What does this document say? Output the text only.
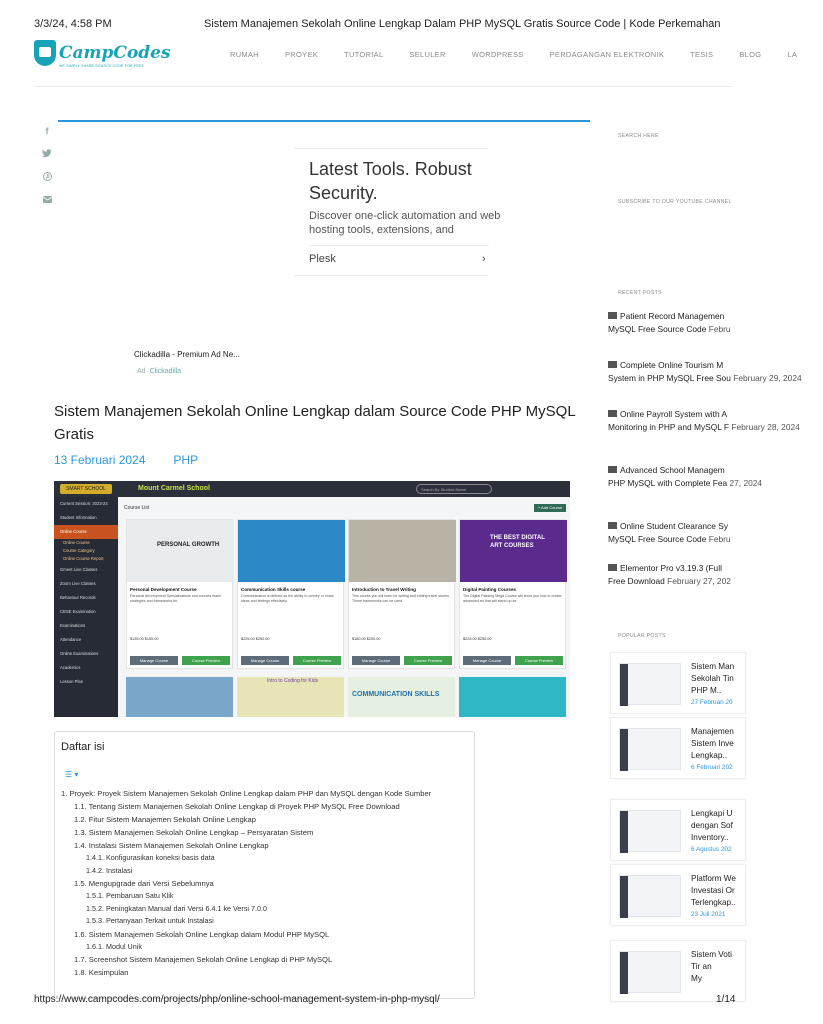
3/3/24, 4:58 PM	Sistem Manajemen Sekolah Online Lengkap Dalam PHP MySQL Gratis Source Code | Kode Perkemahan
CampCodes
WE SIMPLY SHARE SOURCE CODE FOR FREE
RUMAH	PROYEK	TUTORIAL	SELULER	WORDPRESS	PERDAGANGAN ELEKTRONIK	TESIS	BLOG	LA
f
Latest Tools. Robust Security.

Discover one-click automation and web hosting tools, extensions, and

Plesk	›
Clickadilla - Premium Ad Ne...
Ad Clickadilla
Sistem Manajemen Sekolah Online Lengkap dalam Source Code PHP MySQL Gratis
13 Februari 2024 PHP
SMART SCHOOL	Mount Carmel School	Search By Student Name
Current Session: 2023-24
Student Information
Online Course
Online Course
Course Category
Online Course Report
Gmeet Live Classes
Zoom Live Classes
Behaviour Records
CBSE Examination
Examinations
Attendance
Online Examinations
Academics
Lesson Plan
Course List	+ Add Course
PERSONAL GROWTH
Personal Development Course
Personal development Specializations and courses teach strategies and frameworks for
$135.00 $150.00
Manage Course	Course Preview
Communication Skills course
Communication is defined as the ability to convey or share ideas and feelings effectively.
$225.00 $250.00
Manage Course	Course Preview
Introduction to Travel Writing
This course you will learn for writing and editing travel stories. These frameworks can be used
$180.00 $200.00
Manage Course	Course Preview
THE BEST DIGITAL ART COURSES
Digital Painting Courses
The Digital Painting Mega Course will show you how to create advanced art that will stand up as
$225.00 $250.00
Manage Course	Course Preview
Intro to Coding for Kids
COMMUNICATION SKILLS
Daftar isi
☰ ▾
1. Proyek: Proyek Sistem Manajemen Sekolah Online Lengkap dalam PHP dan MySQL dengan Kode Sumber
1.1. Tentang Sistem Manajemen Sekolah Online Lengkap di Proyek PHP MySQL Free Download
1.2. Fitur Sistem Manajemen Sekolah Online Lengkap
1.3. Sistem Manajemen Sekolah Online Lengkap – Persyaratan Sistem
1.4. Instalasi Sistem Manajemen Sekolah Online Lengkap
1.4.1. Konfigurasikan koneksi basis data
1.4.2. Instalasi
1.5. Mengupgrade dari Versi Sebelumnya
1.5.1. Pembaruan Satu Klik
1.5.2. Peningkatan Manual dari Versi 6.4.1 ke Versi 7.0.0
1.5.3. Pertanyaan Terkait untuk Instalasi
1.6. Sistem Manajemen Sekolah Online Lengkap dalam Modul PHP MySQL
1.6.1. Modul Unik
1.7. Screenshot Sistem Manajemen Sekolah Online Lengkap di PHP MySQL
1.8. Kesimpulan
SEARCH HERE
SUBSCRIBE TO OUR YOUTUBE CHANNEL
RECENT POSTS
Patient Record Managemen
MySQL Free Source Code Febru
Complete Online Tourism M
System in PHP MySQL Free Sou February 29, 2024
Online Payroll System with A
Monitoring in PHP and MySQL F February 28, 2024
Advanced School Managem
PHP MySQL with Complete Fea 27, 2024
Online Student Clearance Sy
MySQL Free Source Code Febru
Elementor Pro v3.19.3 (Full
Free Download February 27, 202
POPULAR POSTS
Sistem Man
Sekolah Tin
PHP M..
27 Februari 20
Manajemen
Sistem Inve
Lengkap..
6 Februari 202
Lengkapi U
dengan Sof
Inventory..
6 Agustus 202
Platform We
Investasi Or
Terlengkap..
23 Juli 2021
Sistem Voti
Tir an
My
https://www.campcodes.com/projects/php/online-school-management-system-in-php-mysql/	1/14
